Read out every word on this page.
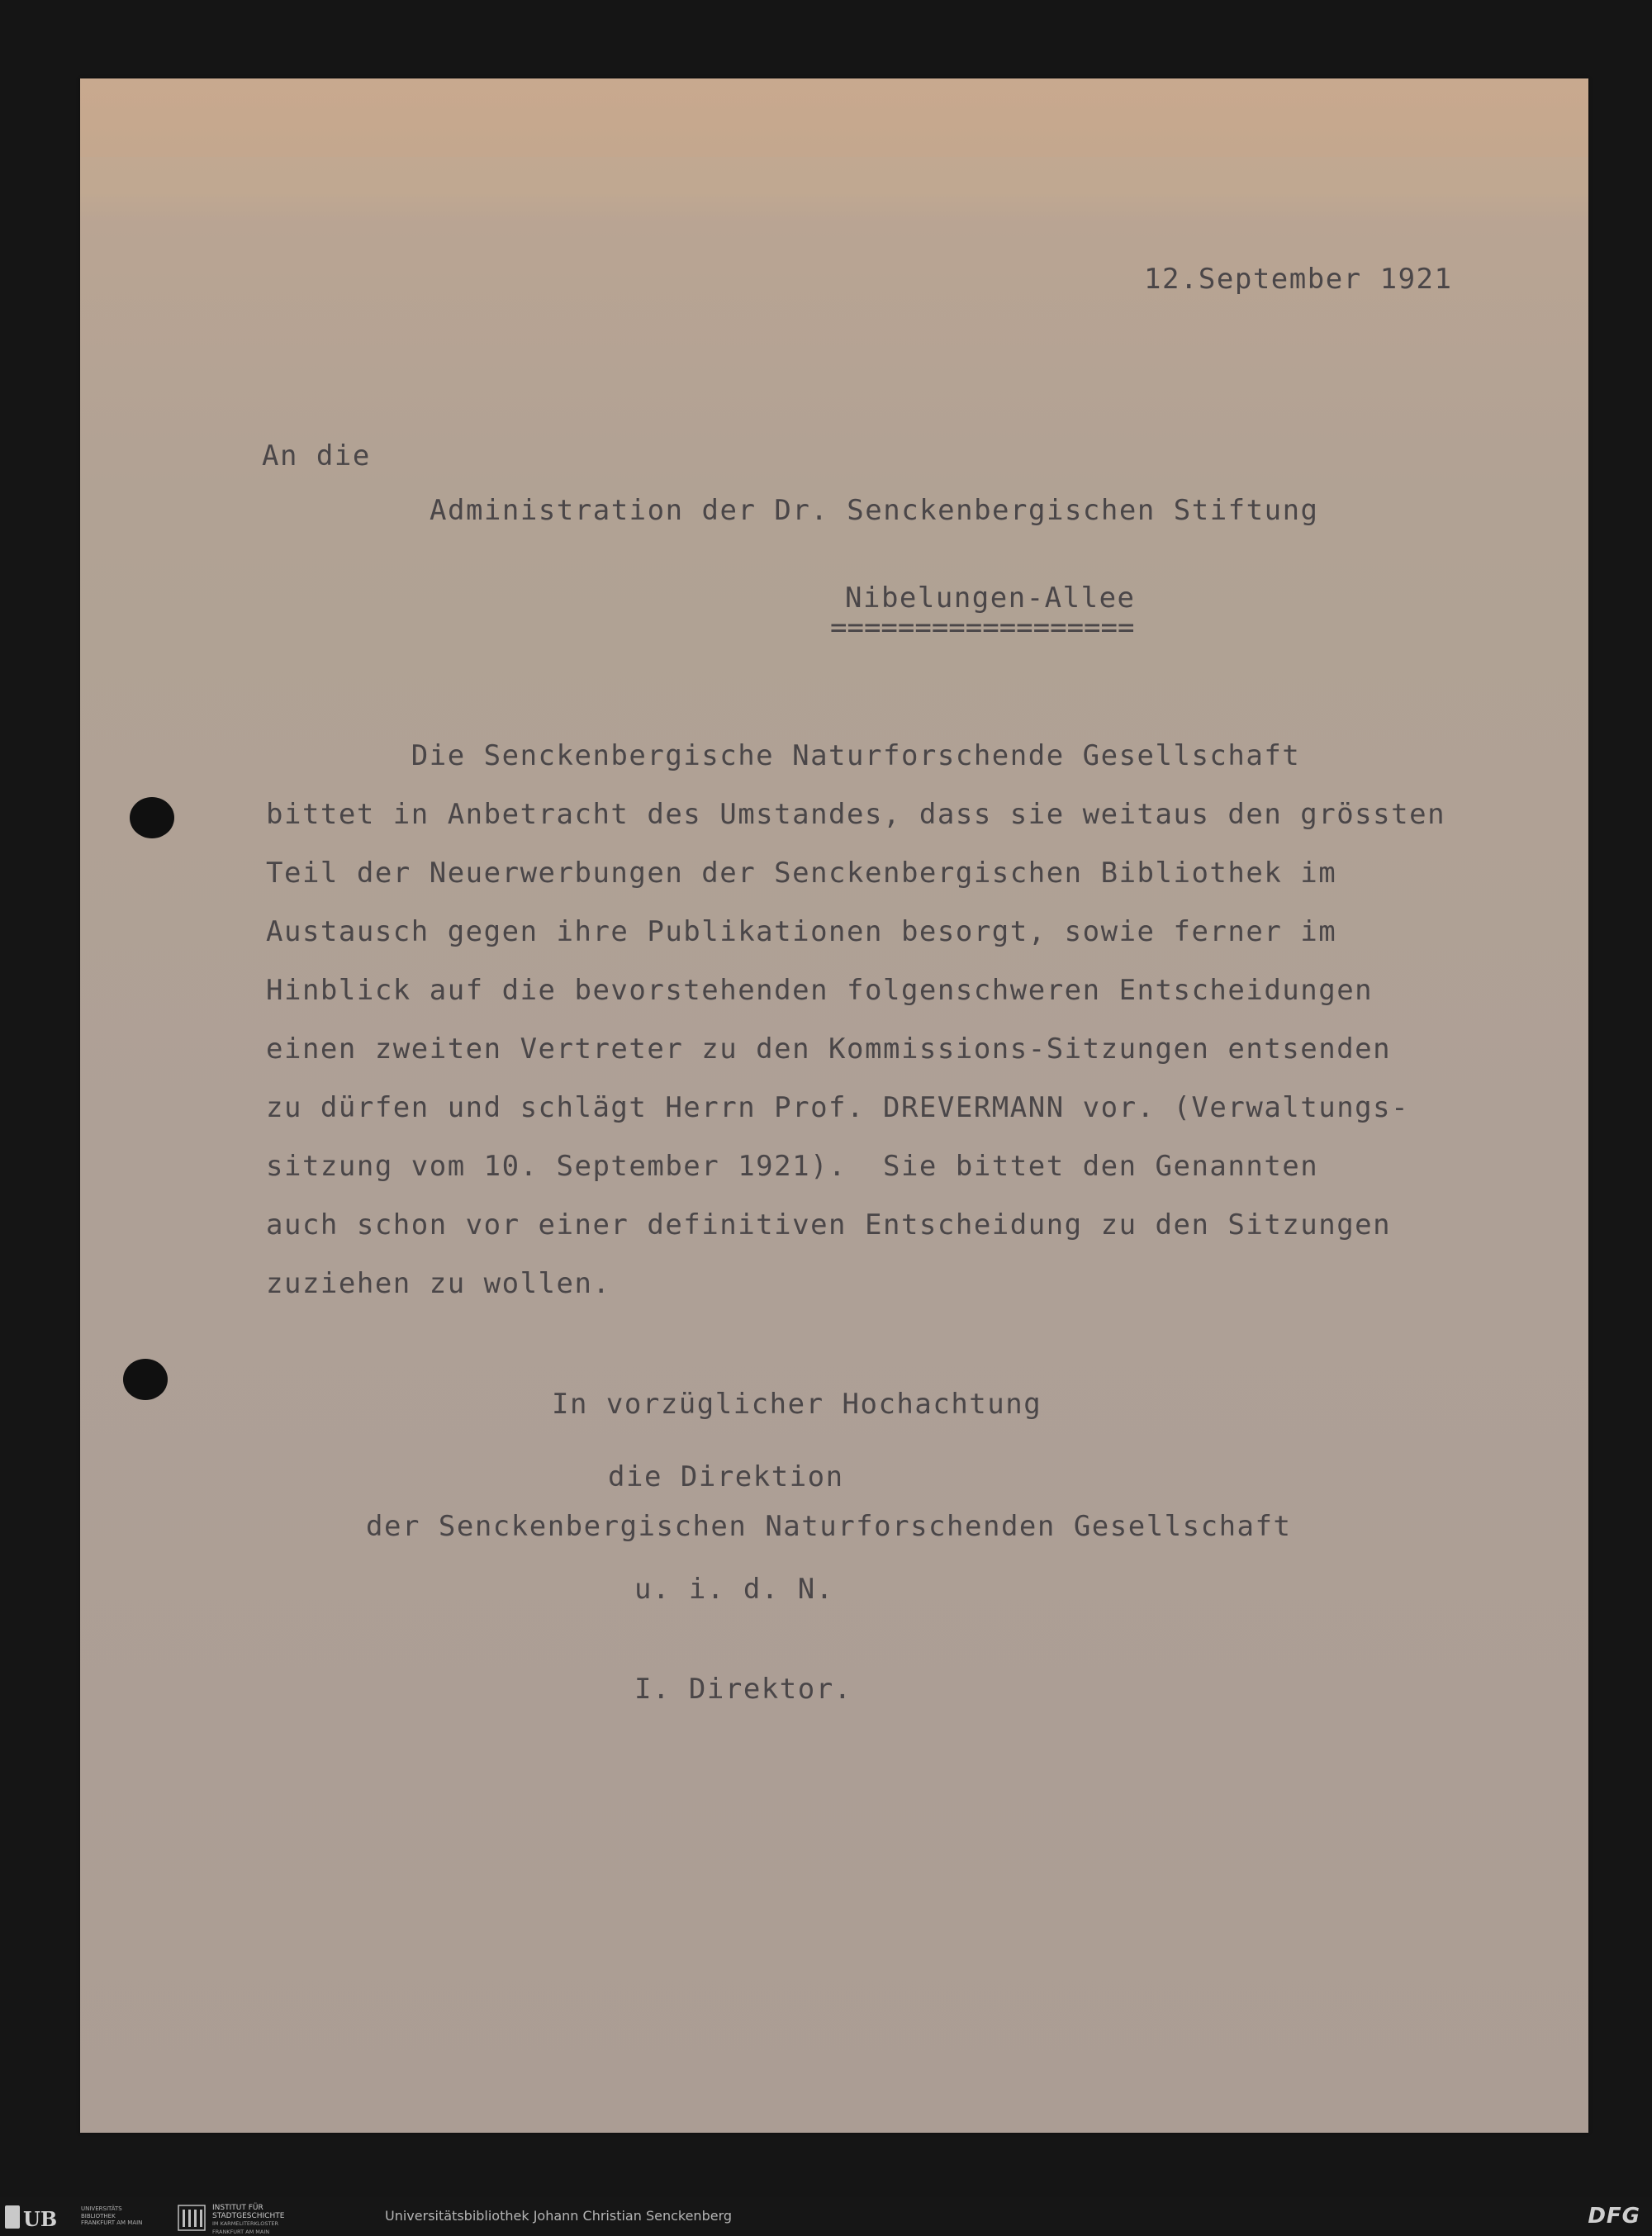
12.September 1921

An die

Administration der Dr. Senckenbergischen Stiftung

Nibelungen-Allee

==================

Die Senckenbergische Naturforschende Gesellschaft
bittet in Anbetracht des Umstandes, dass sie weitaus den grössten
Teil der Neuerwerbungen der Senckenbergischen Bibliothek im
Austausch gegen ihre Publikationen besorgt, sowie ferner im
Hinblick auf die bevorstehenden folgenschweren Entscheidungen
einen zweiten Vertreter zu den Kommissions-Sitzungen entsenden
zu dürfen und schlägt Herrn Prof. DREVERMANN vor. (Verwaltungs-
sitzung vom 10. September 1921).  Sie bittet den Genannten
auch schon vor einer definitiven Entscheidung zu den Sitzungen
zuziehen zu wollen.
In vorzüglicher Hochachtung
die Direktion
der Senckenbergischen Naturforschenden Gesellschaft
u. i. d. N.

I. Direktor.

UB	UNIVERSITÄTS
BIBLIOTHEK
FRANKFURT AM MAIN
INSTITUT FÜR
STADTGESCHICHTE
IM KARMELITERKLOSTER
FRANKFURT AM MAIN
Universitätsbibliothek Johann Christian Senckenberg	DFG
